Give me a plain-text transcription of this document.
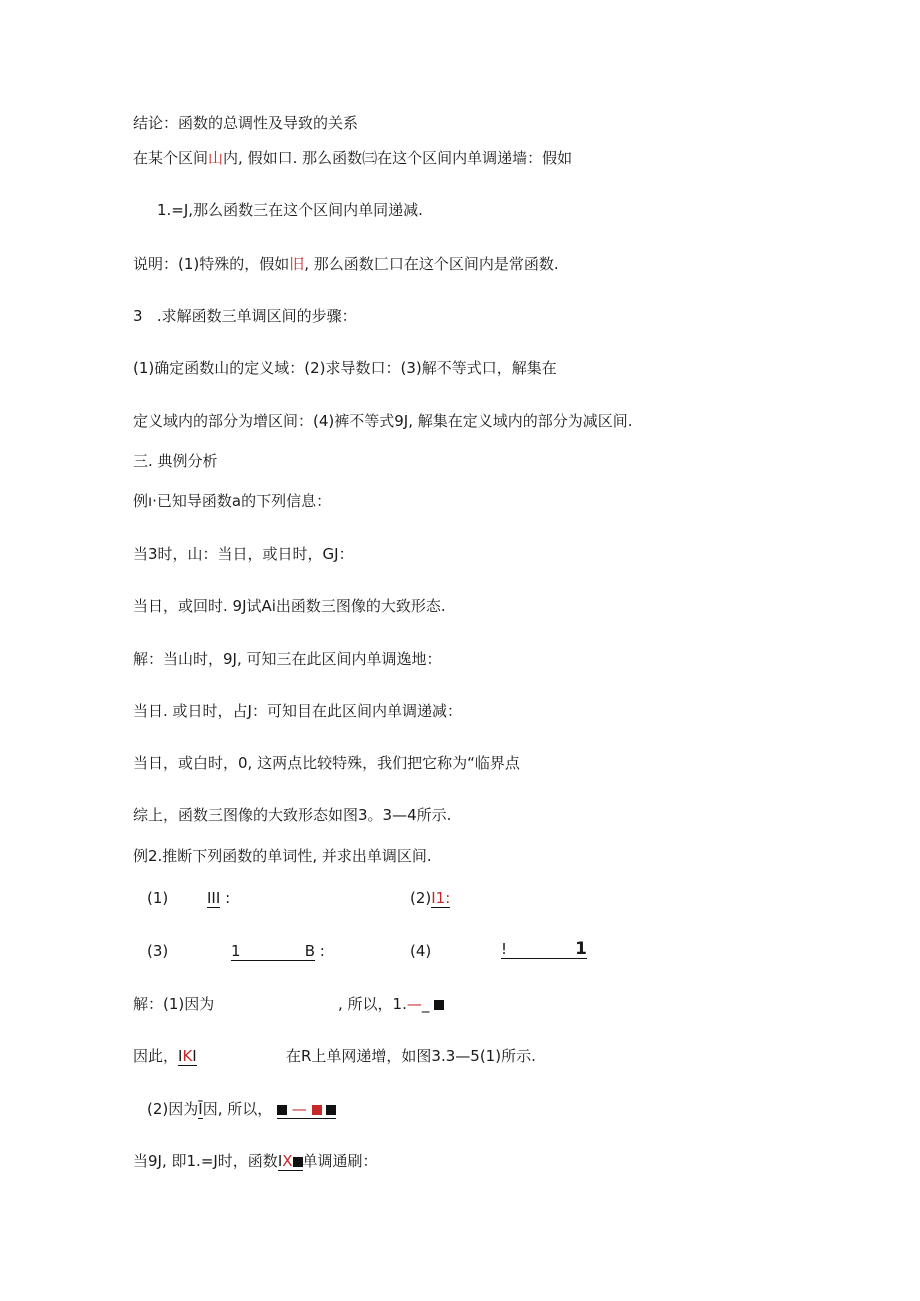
结论：函数的总调性及导致的关系
在某个区间山内, 假如口. 那么函数㈢在这个区间内单调递墙：假如
1.=J,那么函数三在这个区间内单同递减.
说明：(1)特殊的，假如旧, 那么函数匚口在这个区间内是常函数.
3   .求解函数三单调区间的步骤：
(1)确定函数山的定义域：(2)求导数口：(3)解不等式口，解集在
定义域内的部分为增区间：(4)裤不等式9J, 解集在定义域内的部分为减区间.
三. 典例分析
例ı·已知导函数a的下列信息：
当3时，山：当日，或日时，GJ：
当日，或回时. 9J试Ai出函数三图像的大致形态.
解：当山时，9J, 可知三在此区间内单调逸地：
当日. 或日时，占J：可知目在此区间内单调递减：
当日，或白时，0, 这两点比较特殊，我们把它称为“临界点
综上，函数三图像的大致形态如图3。3—4所示.
例2.推断下列函数的单词性, 并求出单调区间.
(1)	III :	(2)I1:
(3)	1	B :	(4)	!	1
解：(1)因为	, 所以，1.—_
因此，IKI	在R上单网递增，如图3.3—5(1)所示.
(2)因为I因, 所以， —
当9J, 即1.=J时，函数IX 单调通刷：
